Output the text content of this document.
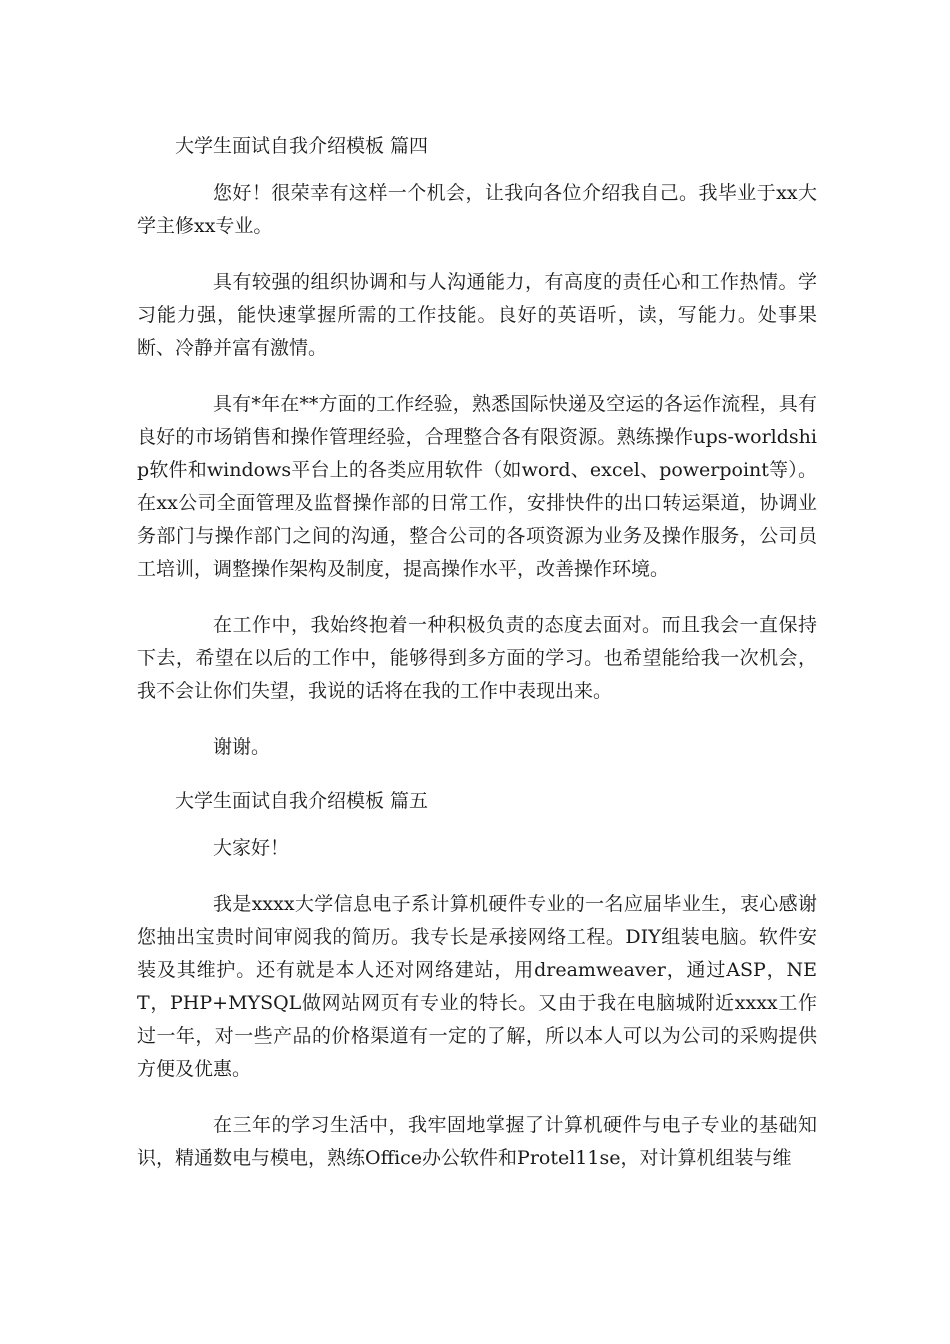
大学生面试自我介绍模板 篇四

您好！很荣幸有这样一个机会，让我向各位介绍我自己。我毕业于xx大学主修xx专业。

具有较强的组织协调和与人沟通能力，有高度的责任心和工作热情。学习能力强，能快速掌握所需的工作技能。良好的英语听，读，写能力。处事果断、冷静并富有激情。

具有*年在**方面的工作经验，熟悉国际快递及空运的各运作流程，具有良好的市场销售和操作管理经验，合理整合各有限资源。熟练操作ups-worldship软件和windows平台上的各类应用软件（如word、excel、powerpoint等）。在xx公司全面管理及监督操作部的日常工作，安排快件的出口转运渠道，协调业务部门与操作部门之间的沟通，整合公司的各项资源为业务及操作服务，公司员工培训，调整操作架构及制度，提高操作水平，改善操作环境。

在工作中，我始终抱着一种积极负责的态度去面对。而且我会一直保持下去，希望在以后的工作中，能够得到多方面的学习。也希望能给我一次机会，我不会让你们失望，我说的话将在我的工作中表现出来。

谢谢。

大学生面试自我介绍模板 篇五

大家好！

我是xxxx大学信息电子系计算机硬件专业的一名应届毕业生，衷心感谢您抽出宝贵时间审阅我的简历。我专长是承接网络工程。DIY组装电脑。软件安装及其维护。还有就是本人还对网络建站，用dreamweaver，通过ASP，NET，PHP+MYSQL做网站网页有专业的特长。又由于我在电脑城附近xxxx工作过一年，对一些产品的价格渠道有一定的了解，所以本人可以为公司的采购提供方便及优惠。

在三年的学习生活中，我牢固地掌握了计算机硬件与电子专业的基础知识，精通数电与模电，熟练Office办公软件和Protel11se，对计算机组装与维
